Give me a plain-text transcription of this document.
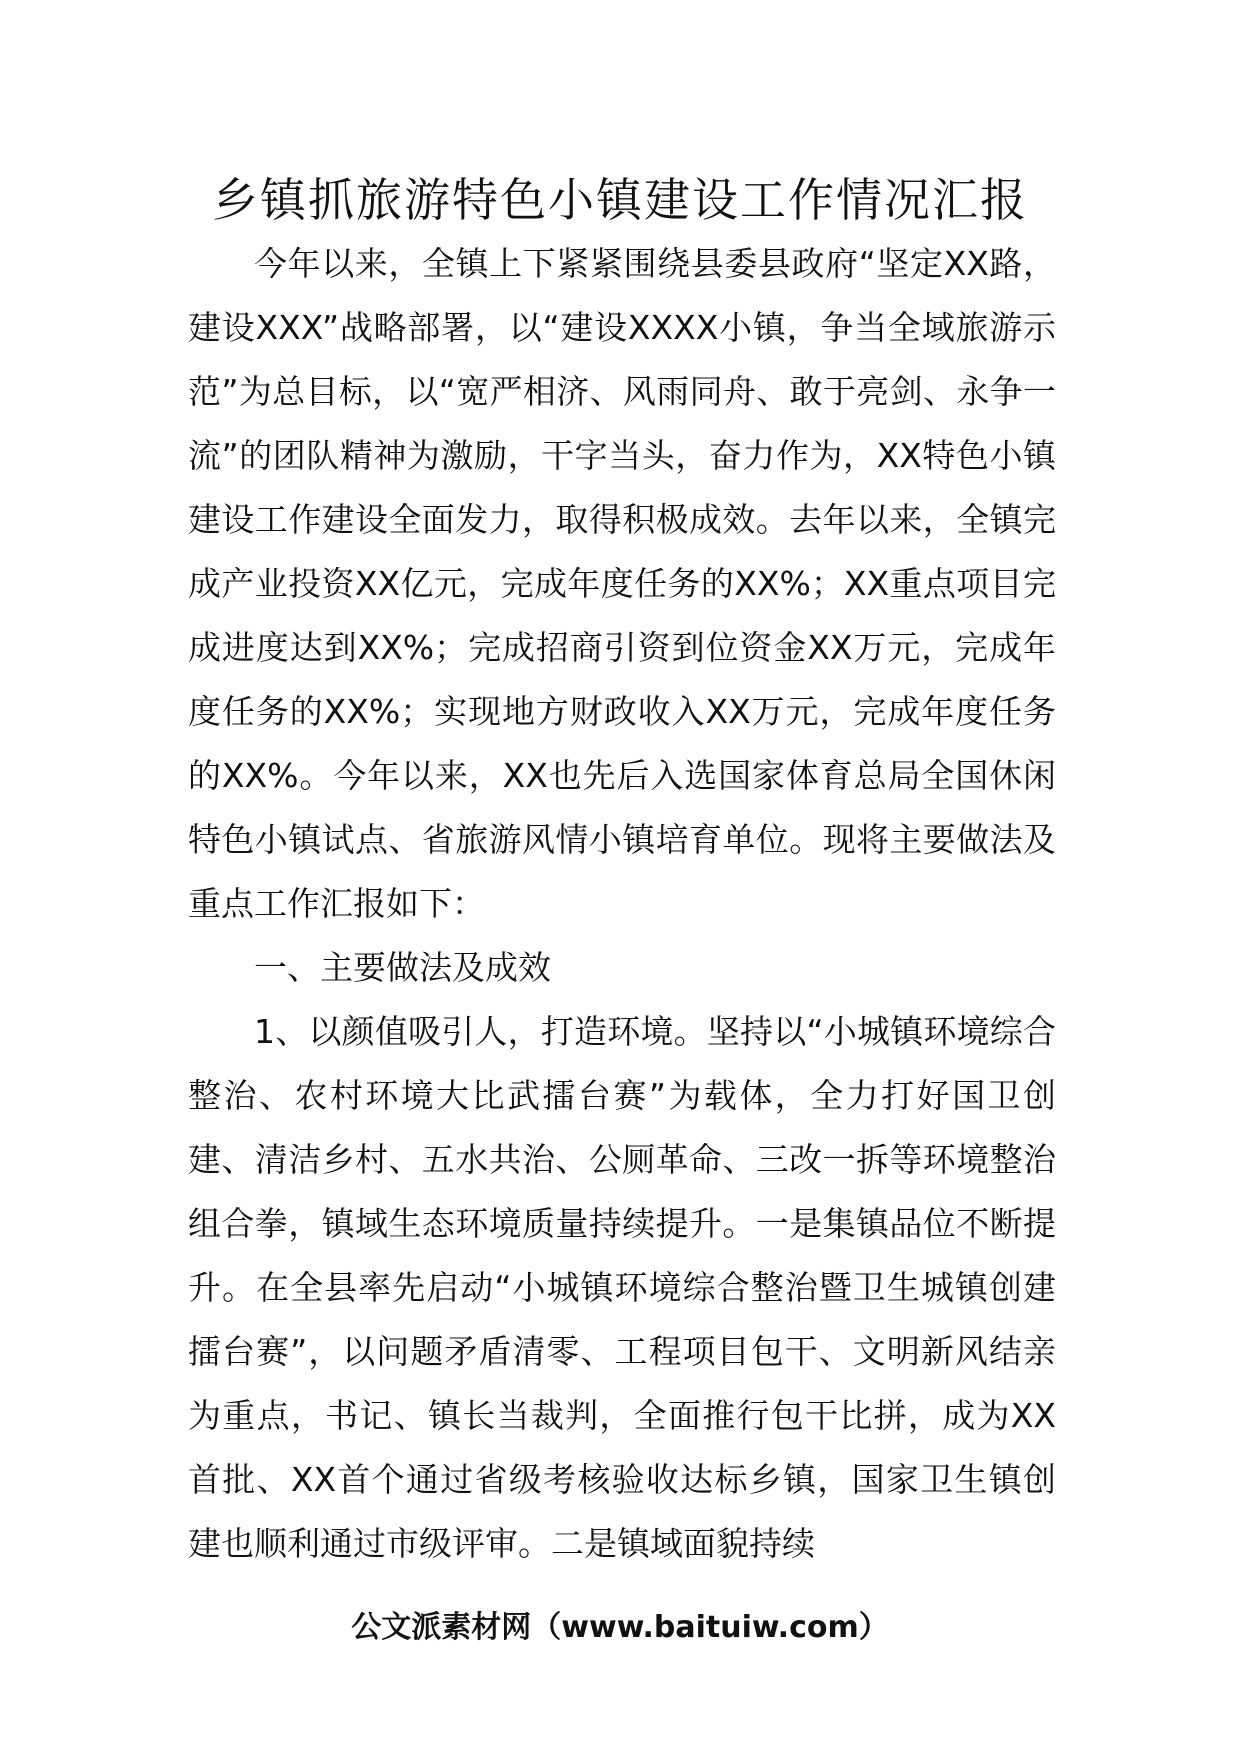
乡镇抓旅游特色小镇建设工作情况汇报

今年以来，全镇上下紧紧围绕县委县政府“坚定XX路，建设XXX”战略部署，以“建设XXXX小镇，争当全域旅游示范”为总目标，以“宽严相济、风雨同舟、敢于亮剑、永争一流”的团队精神为激励，干字当头，奋力作为，XX特色小镇建设工作建设全面发力，取得积极成效。去年以来，全镇完成产业投资XX亿元，完成年度任务的XX%；XX重点项目完成进度达到XX%；完成招商引资到位资金XX万元，完成年度任务的XX%；实现地方财政收入XX万元，完成年度任务的XX%。今年以来，XX也先后入选国家体育总局全国休闲特色小镇试点、省旅游风情小镇培育单位。现将主要做法及重点工作汇报如下：

一、主要做法及成效

1、以颜值吸引人，打造环境。坚持以“小城镇环境综合整治、农村环境大比武擂台赛”为载体，全力打好国卫创建、清洁乡村、五水共治、公厕革命、三改一拆等环境整治组合拳，镇域生态环境质量持续提升。一是集镇品位不断提升。在全县率先启动“小城镇环境综合整治暨卫生城镇创建擂台赛”，以问题矛盾清零、工程项目包干、文明新风结亲为重点，书记、镇长当裁判，全面推行包干比拼，成为XX首批、XX首个通过省级考核验收达标乡镇，国家卫生镇创建也顺利通过市级评审。二是镇域面貌持续

公文派素材网（www.baituiw.com）
